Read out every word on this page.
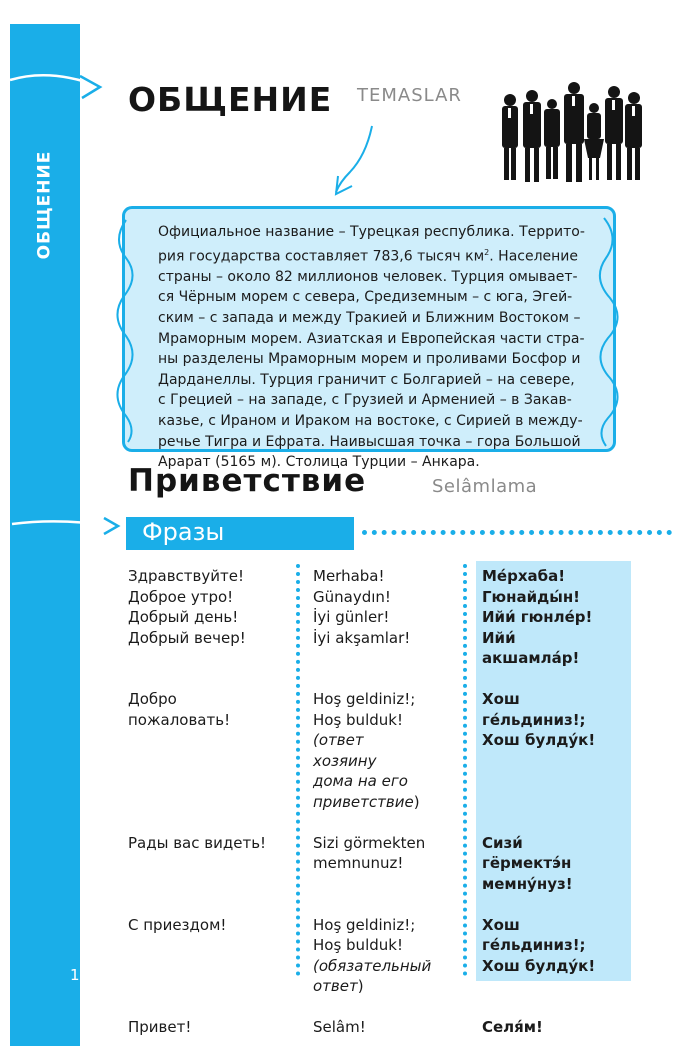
ОБЩЕНИЕ
ОБЩЕНИЕ TEMASLAR
Официальное название – Турецкая республика. Террито-
рия государства составляет 783,6 тысяч $км^2$. Население
страны – около 82 миллионов человек. Турция омывает-
ся Чёрным морем с севера, Средиземным – с юга, Эгей-
ским – с запада и между Тракией и Ближним Востоком –
Мраморным морем. Азиатская и Европейская части стра-
ны разделены Мраморным морем и проливами Босфор и
Дарданеллы. Турция граничит с Болгарией – на севере,
с Грецией – на западе, с Грузией и Арменией – в Закав-
казье, с Ираном и Ираком на востоке, с Сирией в между-
речье Тигра и Ефрата. Наивысшая точка – гора Большой
Арарат (5165 м). Столица Турции – Анкара.
Приветствие	Selâmlama
Фразы
Здравствуйте!
Доброе утро!
Добрый день!
Добрый вечер!
Добро
пожаловать!
Рады вас видеть!
С приездом!
Привет!
Merhaba!
Günaydın!
İyi günler!
İyi akşamlar!
Hoş geldiniz!;
Hoş bulduk!
(ответ
хозяину
дома на его
приветствие)
Sizi görmekten
memnunuz!
Hoş geldiniz!;
Hoş bulduk!
(обязательный
ответ)
Selâm!
Мéрхаба!
Гюнайды́н!
Ийи́ гюнлéр!
Ийи́
акшамлáр!
Хош
гéльдиниз!;
Хош булду́к!
Сизи́
гёрмектэ́н
мемну́нуз!
Хош
гéльдиниз!;
Хош булду́к!
Селя́м!
10
